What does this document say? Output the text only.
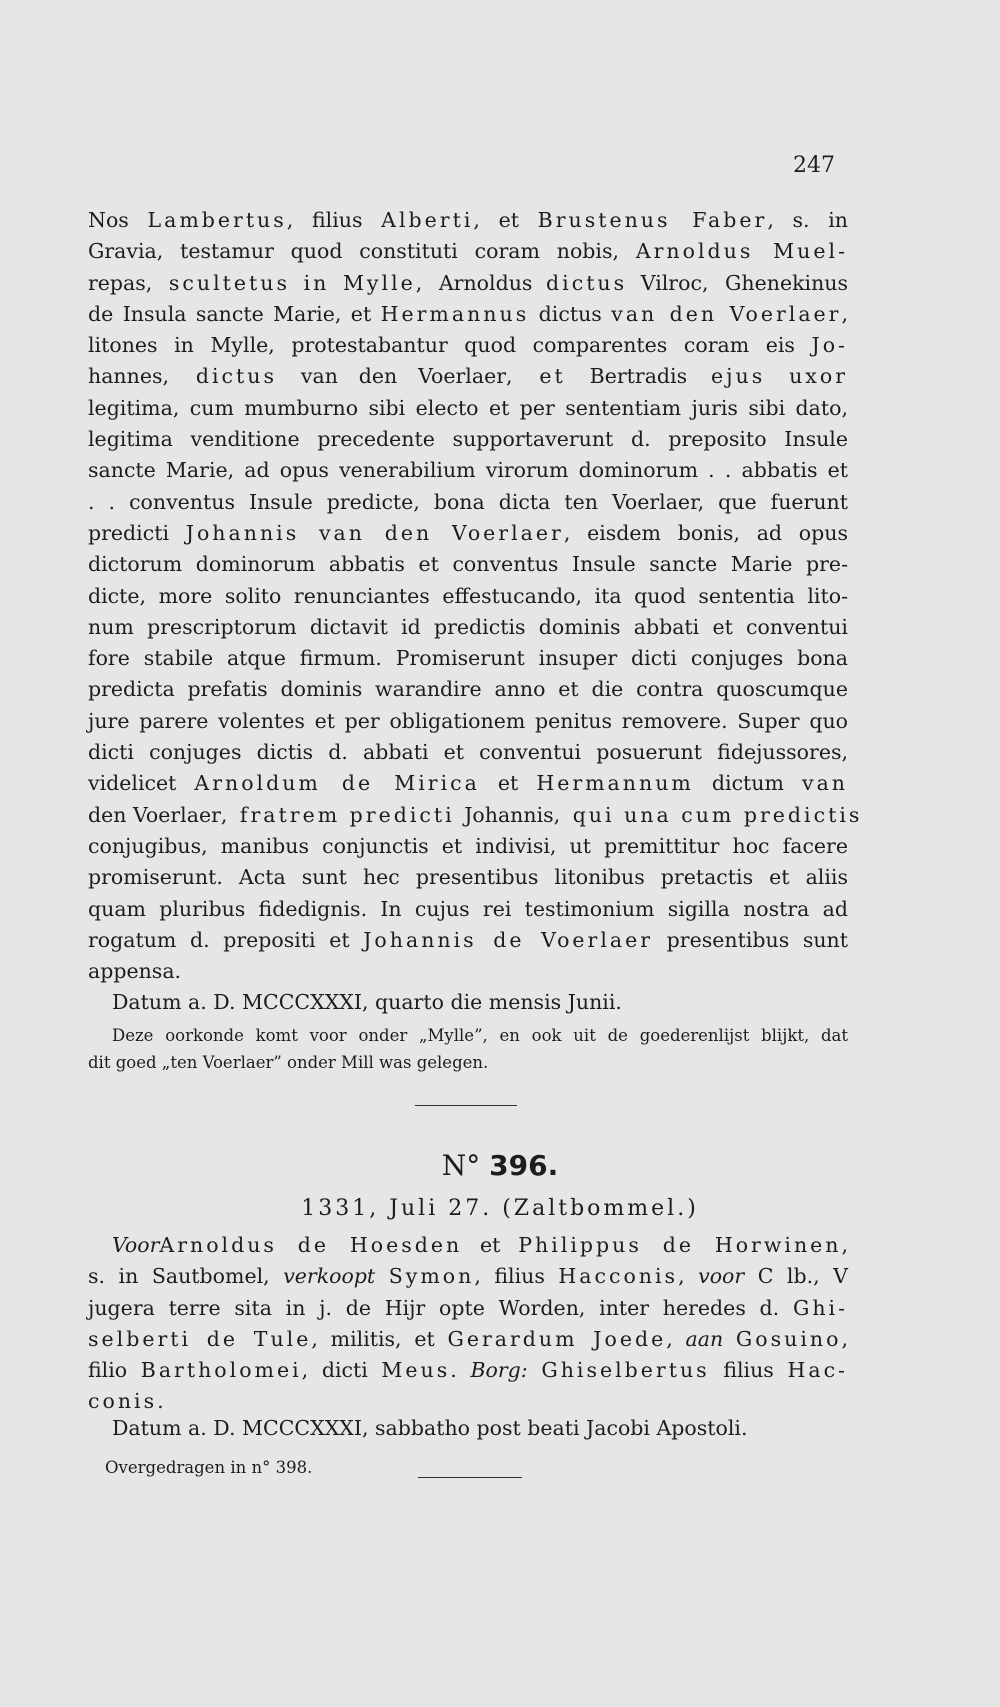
247
Nos Lambertus, filius Alberti, et Brustenus Faber, s. in
Gravia, testamur quod constituti coram nobis, Arnoldus Muel-
repas, scultetus in Mylle, Arnoldus dictus Vilroc, Ghenekinus
de Insula sancte Marie, et Hermannus dictus van den Voerlaer,
litones in Mylle, protestabantur quod comparentes coram eis Jo-
hannes, dictus van den Voerlaer, et Bertradis ejus uxor
legitima, cum mumburno sibi electo et per sententiam juris sibi dato,
legitima venditione precedente supportaverunt d. preposito Insule
sancte Marie, ad opus venerabilium virorum dominorum . . abbatis et
. . conventus Insule predicte, bona dicta ten Voerlaer, que fuerunt
predicti Johannis van den Voerlaer, eisdem bonis, ad opus
dictorum dominorum abbatis et conventus Insule sancte Marie pre-
dicte, more solito renunciantes effestucando, ita quod sententia lito-
num prescriptorum dictavit id predictis dominis abbati et conventui
fore stabile atque firmum. Promiserunt insuper dicti conjuges bona
predicta prefatis dominis warandire anno et die contra quoscumque
jure parere volentes et per obligationem penitus removere. Super quo
dicti conjuges dictis d. abbati et conventui posuerunt fidejussores,
videlicet Arnoldum de Mirica et Hermannum dictum van
den Voerlaer, fratrem predicti Johannis, qui una cum predictis
conjugibus, manibus conjunctis et indivisi, ut premittitur hoc facere
promiserunt. Acta sunt hec presentibus litonibus pretactis et aliis
quam pluribus fidedignis. In cujus rei testimonium sigilla nostra ad
rogatum d. prepositi et Johannis de Voerlaer presentibus sunt
appensa.
Datum a. D. MCCCXXXI, quarto die mensis Junii.
Deze oorkonde komt voor onder „Mylle”, en ook uit de goederenlijst blijkt, dat
dit goed „ten Voerlaer” onder Mill was gelegen.
N° 396.
1331, Juli 27. (Zaltbommel.)
VoorArnoldus de Hoesden et Philippus de Horwinen,
s. in Sautbomel, verkoopt Symon, filius Hacconis, voor C lb., V
jugera terre sita in j. de Hijr opte Worden, inter heredes d. Ghi-
selberti de Tule, militis, et Gerardum Joede, aan Gosuino,
filio Bartholomei, dicti Meus. Borg: Ghiselbertus filius Hac-
conis.
Datum a. D. MCCCXXXI, sabbatho post beati Jacobi Apostoli.
Overgedragen in n° 398.
